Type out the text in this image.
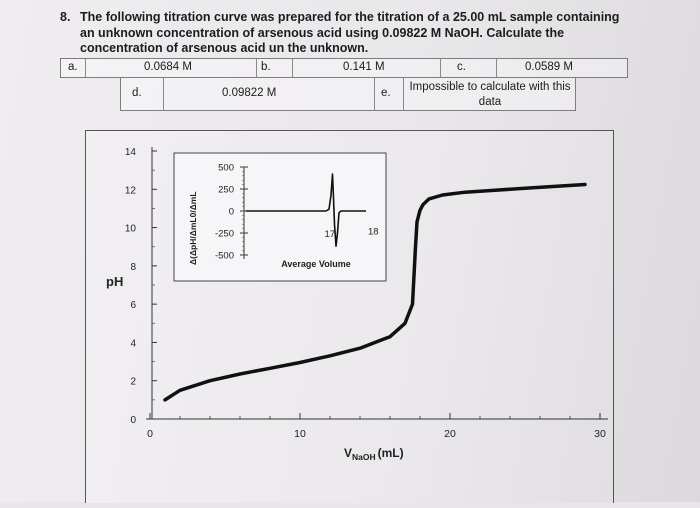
8. The following titration curve was prepared for the titration of a 25.00 mL sample containing an unknown concentration of arsenous acid using 0.09822 M NaOH. Calculate the concentration of arsenous acid un the unknown.
a.	0.0684 M	b.	0.141 M	c.	0.0589 M
d.	0.09822 M	e. Impossible to calculate with this data
0
2
4
6
8
10
12
14
0	10	20	30
pH
$V_{NaOH}$ (mL)
500
250
0
-250
-500
Δ(ΔpH/ΔmL0/ΔmL	Average Volume
17	18
